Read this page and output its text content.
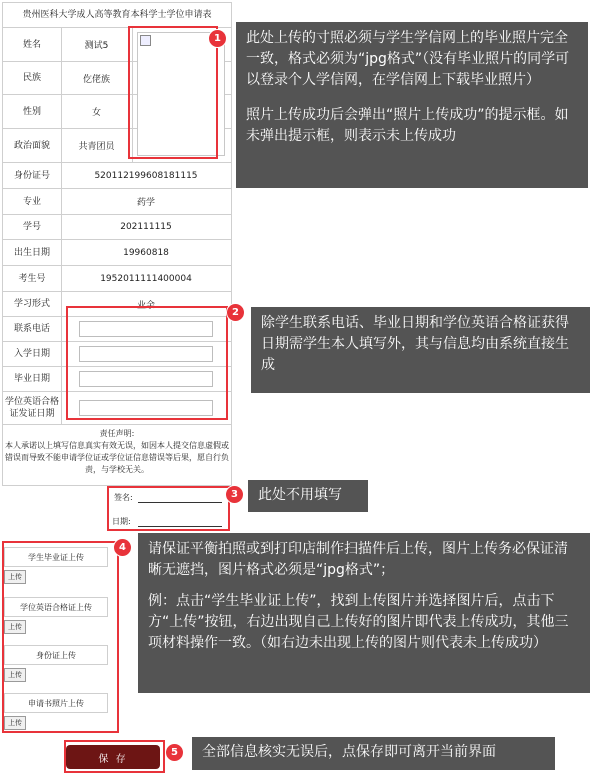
贵州医科大学成人高等教育本科学士学位申请表
姓名	测试5
民族	仡佬族
性别	女
政治面貌	共青团员
身份证号	520112199608181115
专业	药学
学号	202111115
出生日期	19960818
考生号	1952011111400004
学习形式	业余
联系电话
入学日期
毕业日期
学位英语合格证发证日期
责任声明:
本人承诺以上填写信息真实有效无误，如因本人提交信息虚假或错误而导致不能申请学位证或学位证信息错误等后果，愿自行负责，与学校无关。
签名:
日期:
学生毕业证上传
上传
学位英语合格证上传
上传
身份证上传
上传
申请书照片上传
上传
保 存
1
2
3
4
5

此处上传的寸照必须与学生学信网上的毕业照片完全一致，格式必须为“jpg格式”（没有毕业照片的同学可以登录个人学信网，在学信网上下载毕业照片）

照片上传成功后会弹出“照片上传成功”的提示框。如未弹出提示框，则表示未上传成功

除学生联系电话、毕业日期和学位英语合格证获得日期需学生本人填写外，其与信息均由系统直接生成

此处不用填写

请保证平衡拍照或到打印店制作扫描件后上传，图片上传务必保证清晰无遮挡，图片格式必须是“jpg格式”；

例：点击“学生毕业证上传”，找到上传图片并选择图片后，点击下方“上传”按钮，右边出现自己上传好的图片即代表上传成功，其他三项材料操作一致。（如右边未出现上传的图片则代表未上传成功）

全部信息核实无误后，点保存即可离开当前界面
